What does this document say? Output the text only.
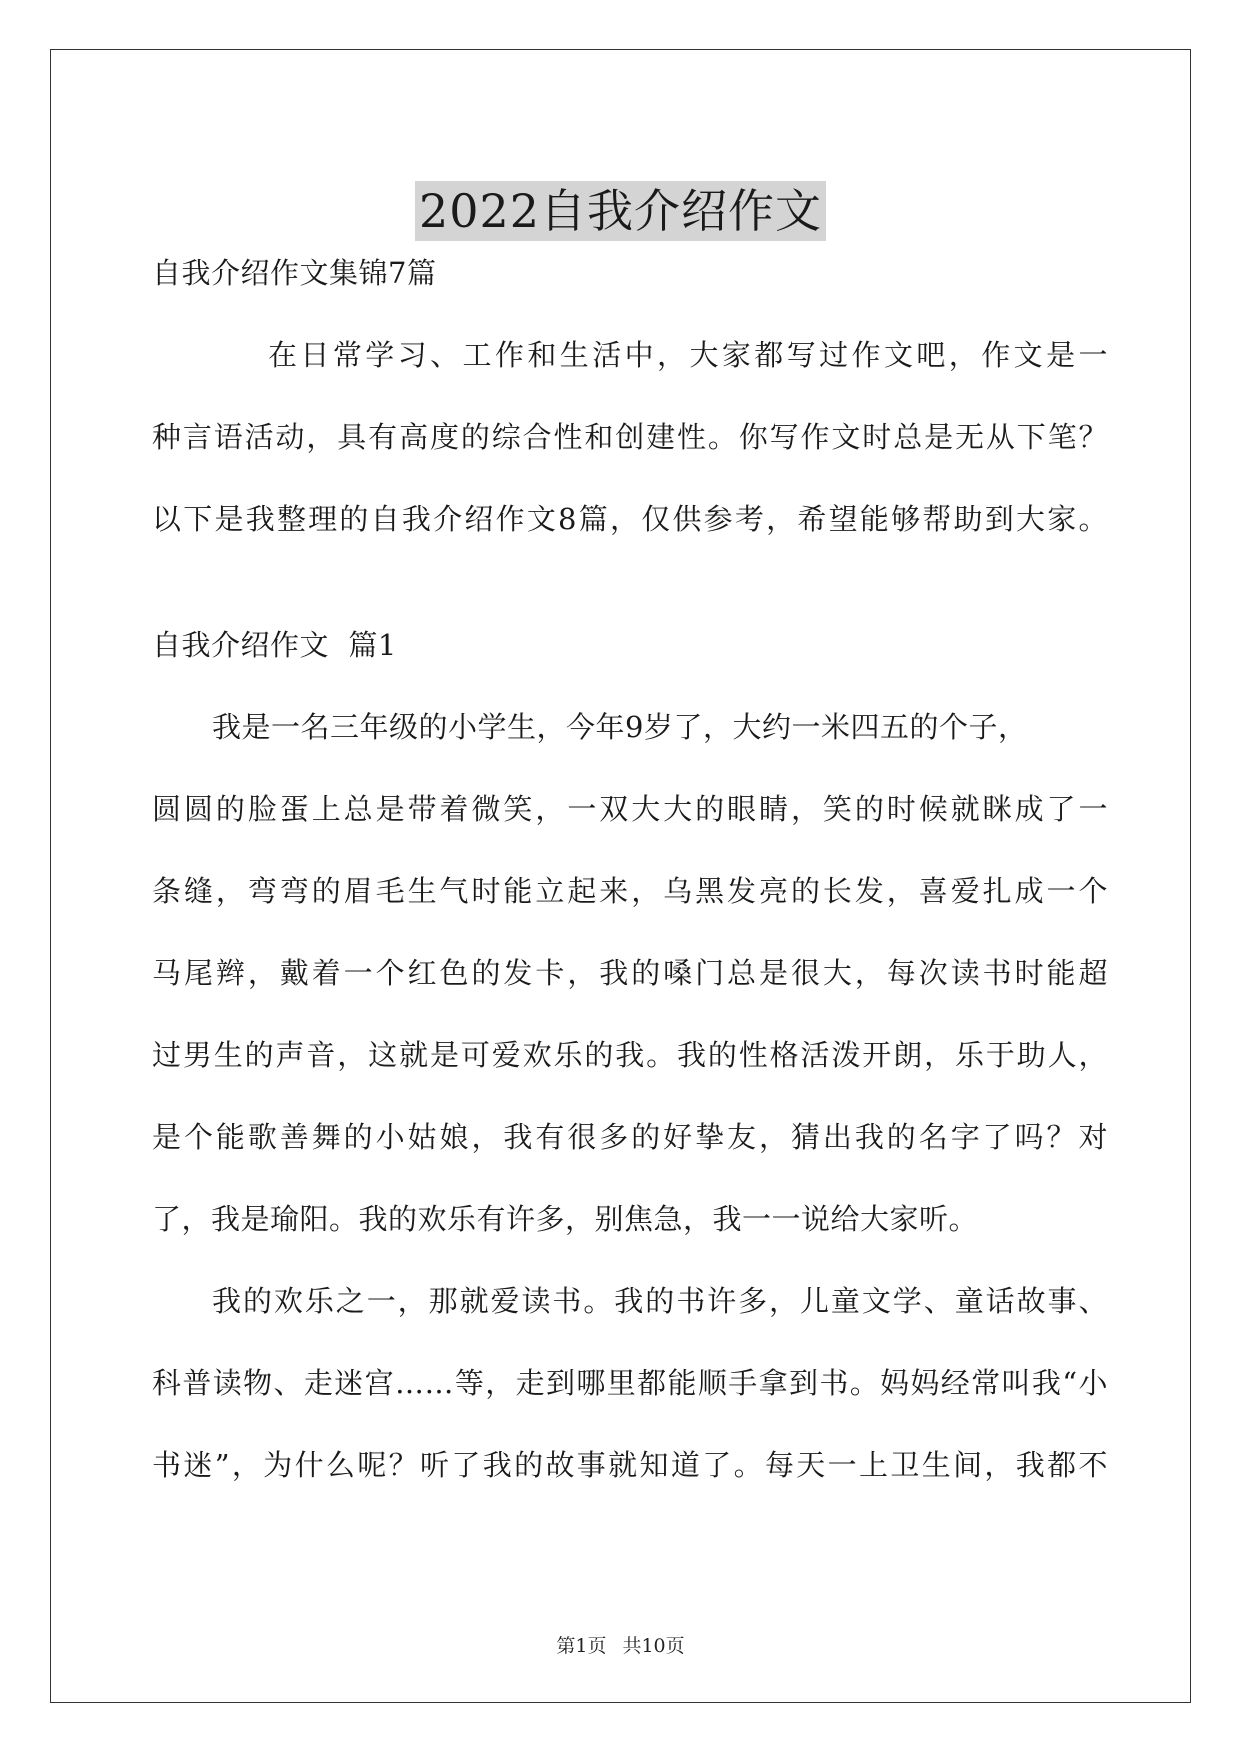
2022自我介绍作文
自我介绍作文集锦7篇
在日常学习、工作和生活中，大家都写过作文吧，作文是一
种言语活动，具有高度的综合性和创建性。你写作文时总是无从下笔？
以下是我整理的自我介绍作文8篇，仅供参考，希望能够帮助到大家。
自我介绍作文  篇1
我是一名三年级的小学生，今年9岁了，大约一米四五的个子，
圆圆的脸蛋上总是带着微笑，一双大大的眼睛，笑的时候就眯成了一
条缝，弯弯的眉毛生气时能立起来，乌黑发亮的长发，喜爱扎成一个
马尾辫，戴着一个红色的发卡，我的嗓门总是很大，每次读书时能超
过男生的声音，这就是可爱欢乐的我。我的性格活泼开朗，乐于助人，
是个能歌善舞的小姑娘，我有很多的好挚友，猜出我的名字了吗？对
了，我是瑜阳。我的欢乐有许多，别焦急，我一一说给大家听。
我的欢乐之一，那就爱读书。我的书许多，儿童文学、童话故事、
科普读物、走迷宫……等，走到哪里都能顺手拿到书。妈妈经常叫我“小
书迷”，为什么呢？听了我的故事就知道了。每天一上卫生间，我都不
第1页 共10页
